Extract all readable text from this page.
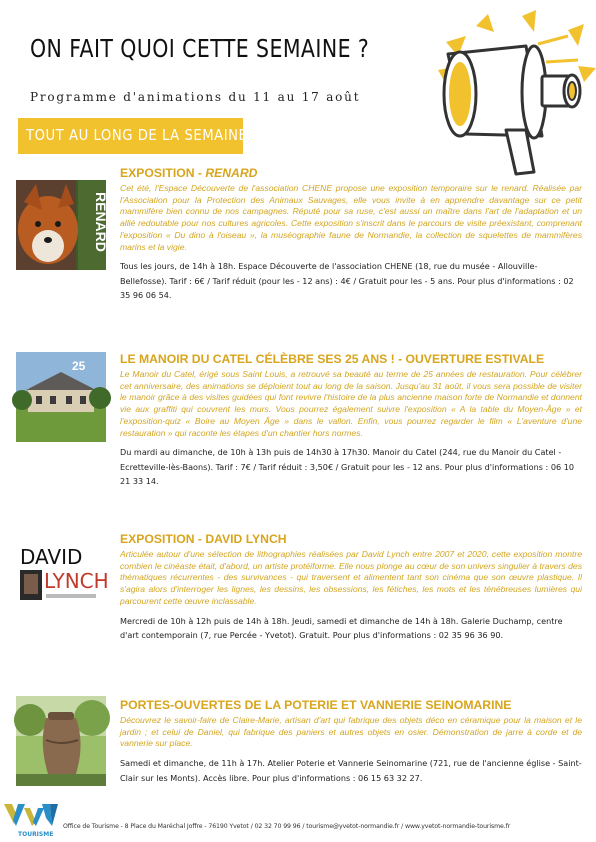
ON FAIT QUOI CETTE SEMAINE ?
Programme d'animations du 11 au 17 août
TOUT AU LONG DE LA SEMAINE
RENARD
EXPOSITION - RENARD

Cet été, l'Espace Découverte de l'association CHENE propose une exposition temporaire sur le renard. Réalisée par l'Association pour la Protection des Animaux Sauvages, elle vous invite à en apprendre davantage sur ce petit mammifère bien connu de nos campagnes. Réputé pour sa ruse, c'est aussi un maître dans l'art de l'adaptation et un allié redoutable pour nos cultures agricoles. Cette exposition s'inscrit dans le parcours de visite préexistant, comprenant l'exposition « Du dino à l'oiseau », la muséographie faune de Normandie, la collection de squelettes de mammifères marins et la vigie.

Tous les jours, de 14h à 18h. Espace Découverte de l'association CHENE (18, rue du musée - Allouville-Bellefosse). Tarif : 6€ / Tarif réduit (pour les - 12 ans) : 4€ / Gratuit pour les - 5 ans. Pour plus d'informations : 02 35 96 06 54.

25	LE MANOIR DU CATEL CÉLÈBRE SES 25 ANS ! - OUVERTURE ESTIVALE

Le Manoir du Catel, érigé sous Saint Louis, a retrouvé sa beauté au terme de 25 années de restauration. Pour célébrer cet anniversaire, des animations se déploient tout au long de la saison. Jusqu'au 31 août, il vous sera possible de visiter le manoir grâce à des visites guidées qui font revivre l'histoire de la plus ancienne maison forte de Normandie et donnent vie aux graffiti qui couvrent les murs. Vous pourrez également suivre l'exposition « A la table du Moyen-Âge » et l'exposition-quiz « Boire au Moyen Âge » dans le vallon. Enfin, vous pourrez regarder le film « L'aventure d'une restauration » qui raconte les étapes d'un chantier hors normes.

Du mardi au dimanche, de 10h à 13h puis de 14h30 à 17h30. Manoir du Catel (244, rue du Manoir du Catel - Ecretteville-lès-Baons). Tarif : 7€ / Tarif réduit : 3,50€ / Gratuit pour les - 12 ans. Pour plus d'informations : 06 10 21 33 14.

DAVID
LYNCH
EXPOSITION - DAVID LYNCH

Articulée autour d'une sélection de lithographies réalisées par David Lynch entre 2007 et 2020, cette exposition montre combien le cinéaste était, d'abord, un artiste protéiforme. Elle nous plonge au cœur de son univers singulier à travers des thématiques récurrentes - des survivances - qui traversent et alimentent tant son cinéma que son œuvre plastique. Il s'agira alors d'interroger les lignes, les dessins, les obsessions, les fétiches, les mots et les ténébreuses lumières qui parcourent cette œuvre inclassable.

Mercredi de 10h à 12h puis de 14h à 18h. Jeudi, samedi et dimanche de 14h à 18h. Galerie Duchamp, centre d'art contemporain (7, rue Percée - Yvetot). Gratuit. Pour plus d'informations : 02 35 96 36 90.

PORTES-OUVERTES DE LA POTERIE ET VANNERIE SEINOMARINE

Découvrez le savoir-faire de Claire-Marie, artisan d'art qui fabrique des objets déco en céramique pour la maison et le jardin ; et celui de Daniel, qui fabrique des paniers et autres objets en osier. Démonstration de jarre à corde et de vannerie sur place.

Samedi et dimanche, de 11h à 17h. Atelier Poterie et Vannerie Seinomarine (721, rue de l'ancienne église - Saint-Clair sur les Monts). Accès libre. Pour plus d'informations : 06 15 63 32 27.

TOURISME
Office de Tourisme - 8 Place du Maréchal Joffre - 76190 Yvetot / 02 32 70 99 96 / tourisme@yvetot-normandie.fr / www.yvetot-normandie-tourisme.fr
